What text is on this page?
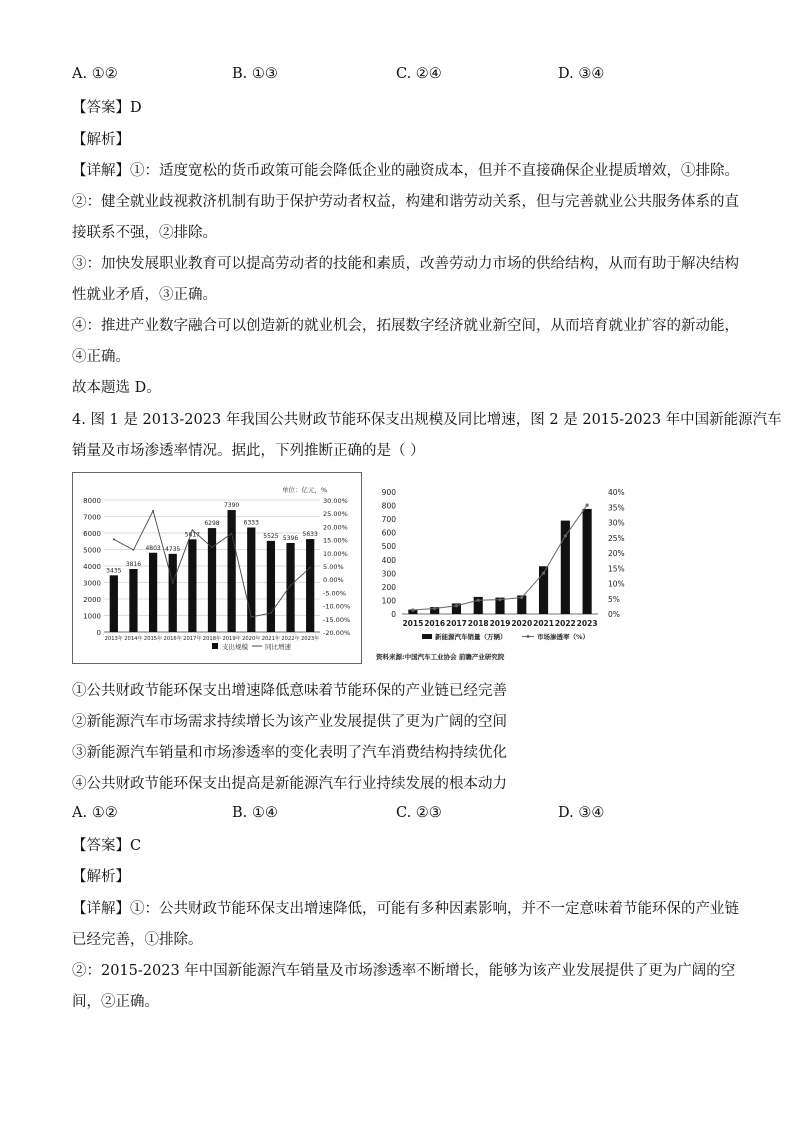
A. ①②	B. ①③	C. ②④	D. ③④
【答案】D
【解析】
【详解】①：适度宽松的货币政策可能会降低企业的融资成本，但并不直接确保企业提质增效，①排除。
②：健全就业歧视救济机制有助于保护劳动者权益，构建和谐劳动关系，但与完善就业公共服务体系的直
接联系不强，②排除。
③：加快发展职业教育可以提高劳动者的技能和素质，改善劳动力市场的供给结构，从而有助于解决结构
性就业矛盾，③正确。
④：推进产业数字融合可以创造新的就业机会，拓展数字经济就业新空间，从而培育就业扩容的新动能，
④正确。
故本题选 D。
4. 图 1 是 2013-2023 年我国公共财政节能环保支出规模及同比增速，图 2 是 2015-2023 年中国新能源汽车
销量及市场渗透率情况。据此，下列推断正确的是（ ）
单位：亿元，%
0
1000
2000
3000
4000
5000
6000
7000
8000
-20.00%
-15.00%
-10.00%
-5.00%
0.00%
5.00%
10.00%
15.00%
20.00%
25.00%
30.00%
3435
2013年
3816
2014年
4803
2015年
4735
2016年
5617
2017年
6298
2018年
7390
2019年
6333
2020年
5525
2021年
5396
2022年
5633
2023年
支出规模	同比增速
0
100
200
300
400
500
600
700
800
900
0%
5%
10%
15%
20%
25%
30%
35%
40%
2015 2016 2017 2018 2019 2020 2021 2022 2023
新能源汽车销量（万辆）	市场渗透率（%）
资料来源:中国汽车工业协会 前瞻产业研究院
①公共财政节能环保支出增速降低意味着节能环保的产业链已经完善
②新能源汽车市场需求持续增长为该产业发展提供了更为广阔的空间
③新能源汽车销量和市场渗透率的变化表明了汽车消费结构持续优化
④公共财政节能环保支出提高是新能源汽车行业持续发展的根本动力
A. ①②	B. ①④	C. ②③	D. ③④
【答案】C
【解析】
【详解】①：公共财政节能环保支出增速降低，可能有多种因素影响，并不一定意味着节能环保的产业链
已经完善，①排除。
②：2015-2023 年中国新能源汽车销量及市场渗透率不断增长，能够为该产业发展提供了更为广阔的空
间，②正确。
